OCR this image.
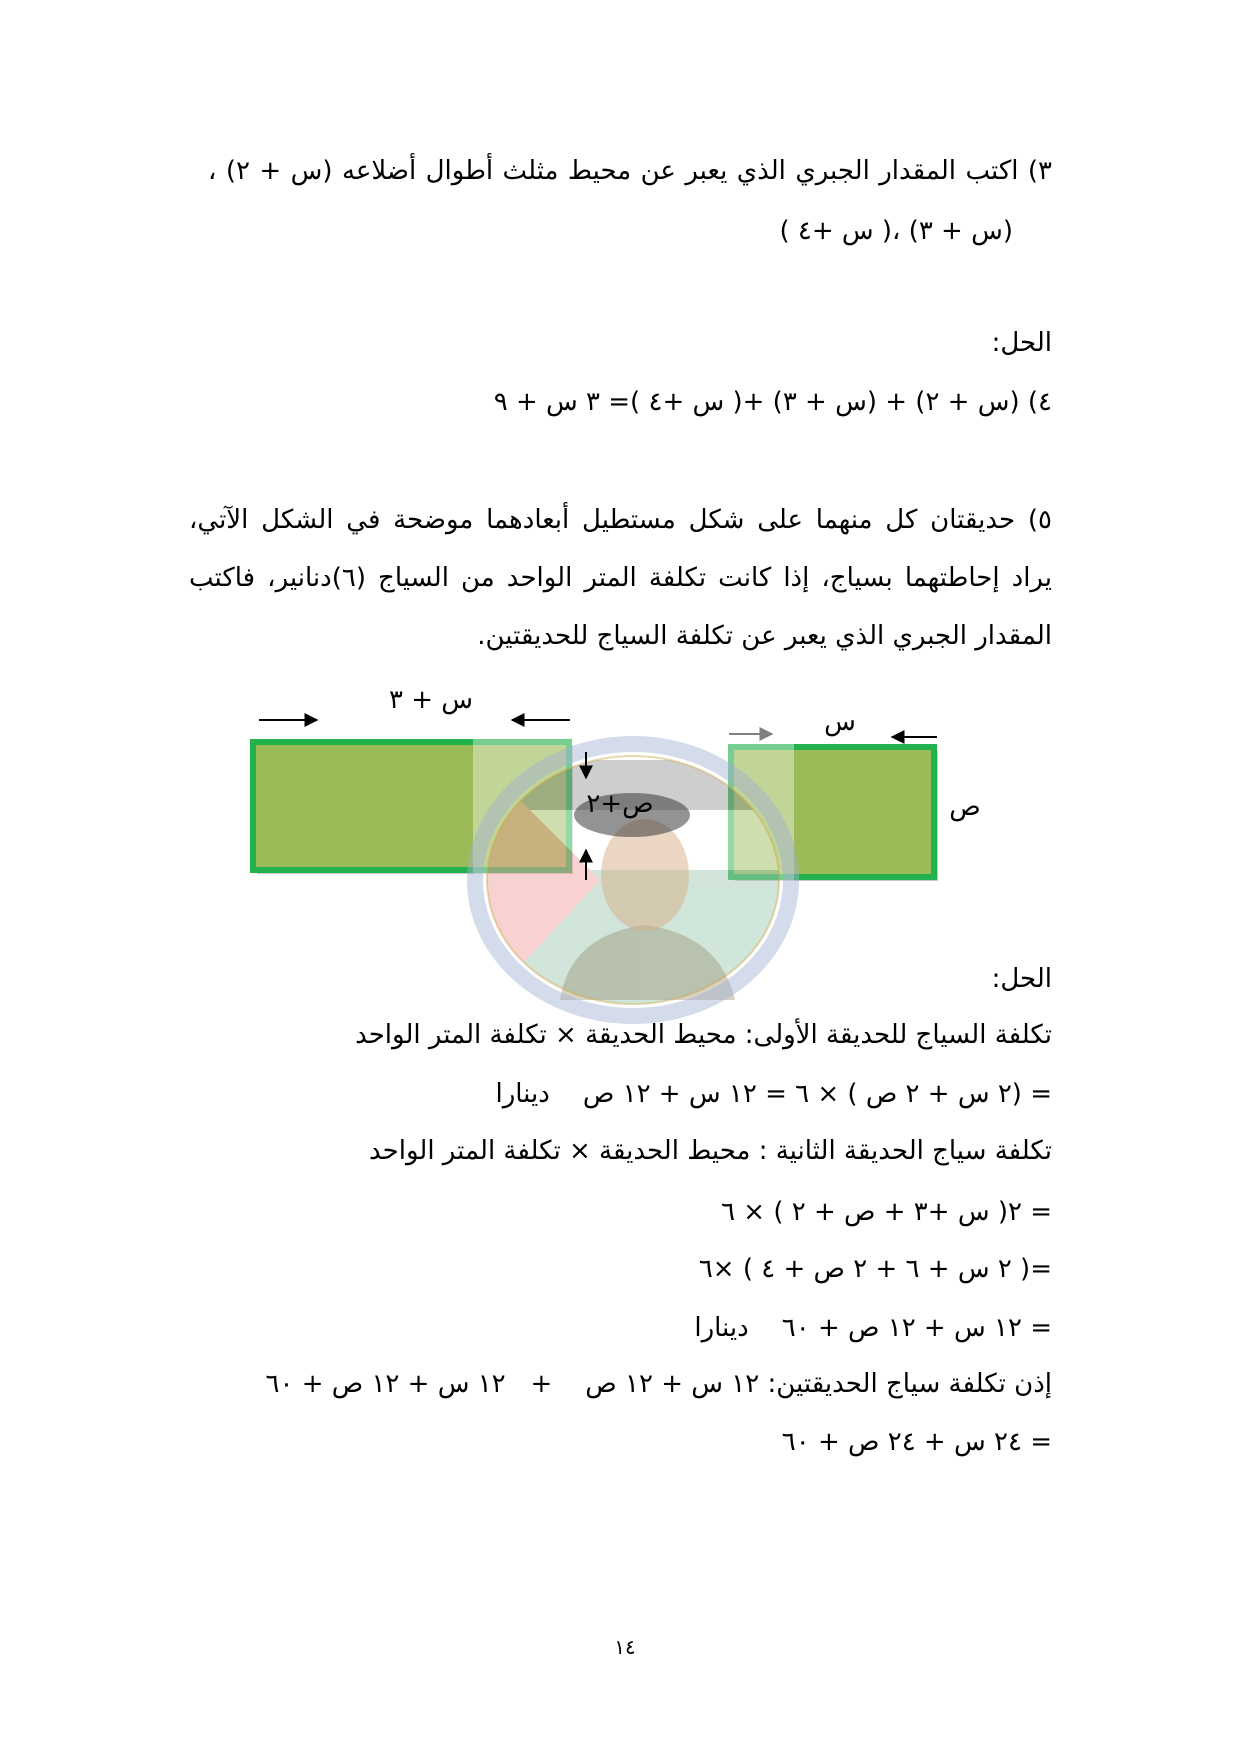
س + ٣
ص+٢
س
ص
٣) اكتب المقدار الجبري الذي يعبر عن محيط مثلث أطوال أضلاعه (س + ٢) ،
(س + ٣) ،( س +٤ )
الحل:
٤) (س + ٢) + (س + ٣) +( س +٤ )= ٣ س + ٩
٥) حديقتان كل منهما على شكل مستطيل أبعادهما موضحة في الشكل الآتي،
يراد إحاطتهما بسياج، إذا كانت تكلفة المتر الواحد من السياج (٦)دنانير، فاكتب
المقدار الجبري الذي يعبر عن تكلفة السياج للحديقتين.
الحل:
تكلفة السياج للحديقة الأولى: محيط الحديقة × تكلفة المتر الواحد
= (٢ س + ٢ ص ) × ٦ = ١٢ س + ١٢ ص    دينارا
تكلفة سياج الحديقة الثانية : محيط الحديقة × تكلفة المتر الواحد
= ٢( س +٣ + ص + ٢ ) × ٦
=( ٢ س + ٦ + ٢ ص + ٤ ) ×٦
= ١٢ س + ١٢ ص + ٦٠    دينارا
إذن تكلفة سياج الحديقتين: ١٢ س + ١٢ ص    +   ١٢ س + ١٢ ص + ٦٠
= ٢٤ س + ٢٤ ص + ٦٠
١٤
